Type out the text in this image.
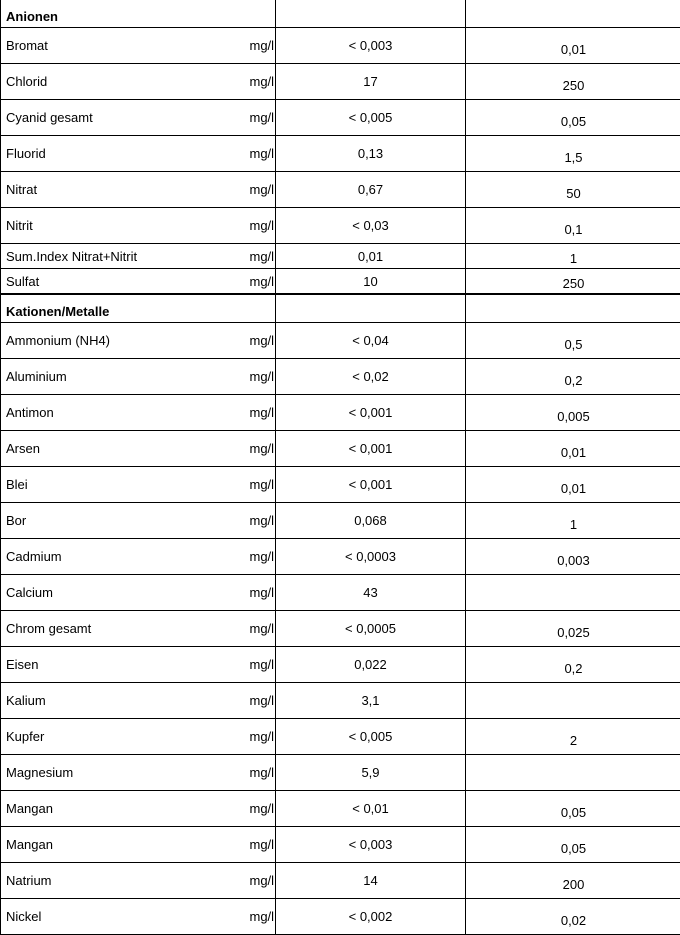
Anionen			
Bromat	mg/l	< 0,003	0,01
Chlorid	mg/l	17	250
Cyanid gesamt	mg/l	< 0,005	0,05
Fluorid	mg/l	0,13	1,5
Nitrat	mg/l	0,67	50
Nitrit	mg/l	< 0,03	0,1
Sum.Index Nitrat+Nitrit	mg/l	0,01	1
Sulfat	mg/l	10	250
Kationen/Metalle			
Ammonium (NH4)	mg/l	< 0,04	0,5
Aluminium	mg/l	< 0,02	0,2
Antimon	mg/l	< 0,001	0,005
Arsen	mg/l	< 0,001	0,01
Blei	mg/l	< 0,001	0,01
Bor	mg/l	0,068	1
Cadmium	mg/l	< 0,0003	0,003
Calcium	mg/l	43	
Chrom gesamt	mg/l	< 0,0005	0,025
Eisen	mg/l	0,022	0,2
Kalium	mg/l	3,1	
Kupfer	mg/l	< 0,005	2
Magnesium	mg/l	5,9	
Mangan	mg/l	< 0,01	0,05
Mangan	mg/l	< 0,003	0,05
Natrium	mg/l	14	200
Nickel	mg/l	< 0,002	0,02
